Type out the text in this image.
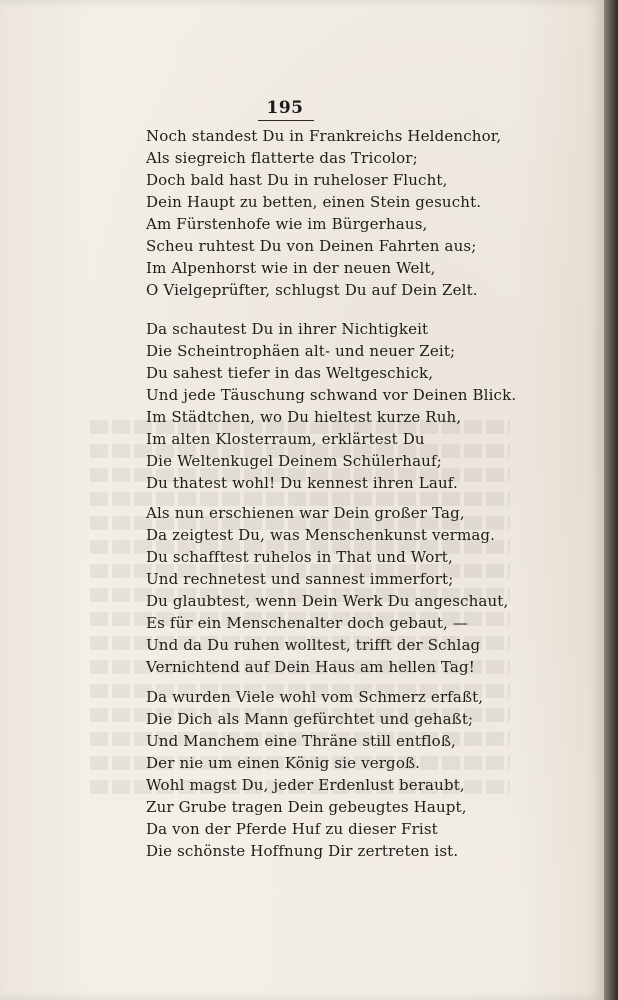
195
Noch standest Du in Frankreichs Heldenchor,
Als siegreich flatterte das Tricolor;
Doch bald hast Du in ruheloser Flucht,
Dein Haupt zu betten, einen Stein gesucht.
Am Fürstenhofe wie im Bürgerhaus,
Scheu ruhtest Du von Deinen Fahrten aus;
Im Alpenhorst wie in der neuen Welt,
O Vielgeprüfter, schlugst Du auf Dein Zelt.
Da schautest Du in ihrer Nichtigkeit
Die Scheintrophäen alt- und neuer Zeit;
Du sahest tiefer in das Weltgeschick,
Und jede Täuschung schwand vor Deinen Blick.
Im Städtchen, wo Du hieltest kurze Ruh,
Im alten Klosterraum, erklärtest Du
Die Weltenkugel Deinem Schülerhauf;
Du thatest wohl! Du kennest ihren Lauf.
Als nun erschienen war Dein großer Tag,
Da zeigtest Du, was Menschenkunst vermag.
Du schafftest ruhelos in That und Wort,
Und rechnetest und sannest immerfort;
Du glaubtest, wenn Dein Werk Du angeschaut,
Es für ein Menschenalter doch gebaut, —
Und da Du ruhen wolltest, trifft der Schlag
Vernichtend auf Dein Haus am hellen Tag!
Da wurden Viele wohl vom Schmerz erfaßt,
Die Dich als Mann gefürchtet und gehaßt;
Und Manchem eine Thräne still entfloß,
Der nie um einen König sie vergoß.
Wohl magst Du, jeder Erdenlust beraubt,
Zur Grube tragen Dein gebeugtes Haupt,
Da von der Pferde Huf zu dieser Frist
Die schönste Hoffnung Dir zertreten ist.
